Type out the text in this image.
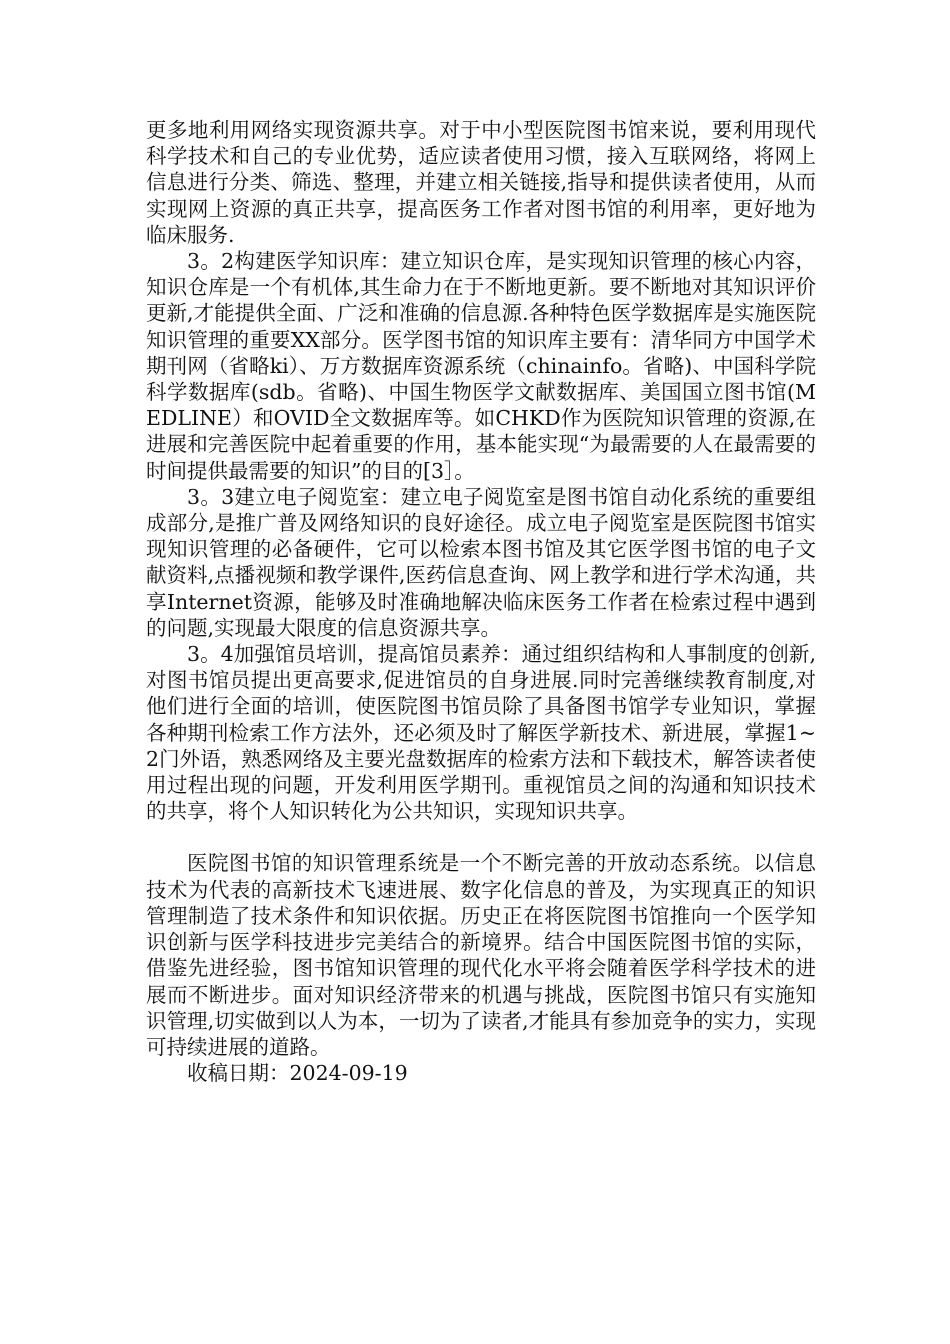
更多地利用网络实现资源共享。对于中小型医院图书馆来说，要利用现代科学技术和自己的专业优势，适应读者使用习惯，接入互联网络，将网上信息进行分类、筛选、整理，并建立相关链接,指导和提供读者使用，从而实现网上资源的真正共享，提高医务工作者对图书馆的利用率，更好地为临床服务.

3。2构建医学知识库：建立知识仓库，是实现知识管理的核心内容，知识仓库是一个有机体,其生命力在于不断地更新。要不断地对其知识评价更新,才能提供全面、广泛和准确的信息源.各种特色医学数据库是实施医院知识管理的重要XX部分。医学图书馆的知识库主要有：清华同方中国学术期刊网（省略ki）、万方数据库资源系统（chinainfo。省略)、中国科学院科学数据库(sdb。省略)、中国生物医学文献数据库、美国国立图书馆(MEDLINE）和OVID全文数据库等。如CHKD作为医院知识管理的资源,在进展和完善医院中起着重要的作用，基本能实现“为最需要的人在最需要的时间提供最需要的知识”的目的[3］。

3。3建立电子阅览室：建立电子阅览室是图书馆自动化系统的重要组成部分,是推广普及网络知识的良好途径。成立电子阅览室是医院图书馆实现知识管理的必备硬件，它可以检索本图书馆及其它医学图书馆的电子文献资料,点播视频和教学课件,医药信息查询、网上教学和进行学术沟通，共享Internet资源，能够及时准确地解决临床医务工作者在检索过程中遇到的问题,实现最大限度的信息资源共享。

3。4加强馆员培训，提高馆员素养：通过组织结构和人事制度的创新,对图书馆员提出更高要求,促进馆员的自身进展.同时完善继续教育制度,对他们进行全面的培训，使医院图书馆员除了具备图书馆学专业知识，掌握各种期刊检索工作方法外，还必须及时了解医学新技术、新进展，掌握1~2门外语，熟悉网络及主要光盘数据库的检索方法和下载技术，解答读者使用过程出现的问题，开发利用医学期刊。重视馆员之间的沟通和知识技术的共享，将个人知识转化为公共知识，实现知识共享。

医院图书馆的知识管理系统是一个不断完善的开放动态系统。以信息技术为代表的高新技术飞速进展、数字化信息的普及，为实现真正的知识管理制造了技术条件和知识依据。历史正在将医院图书馆推向一个医学知识创新与医学科技进步完美结合的新境界。结合中国医院图书馆的实际，借鉴先进经验，图书馆知识管理的现代化水平将会随着医学科学技术的进展而不断进步。面对知识经济带来的机遇与挑战，医院图书馆只有实施知识管理,切实做到以人为本，一切为了读者,才能具有参加竞争的实力，实现可持续进展的道路。

收稿日期：2024-09-19
